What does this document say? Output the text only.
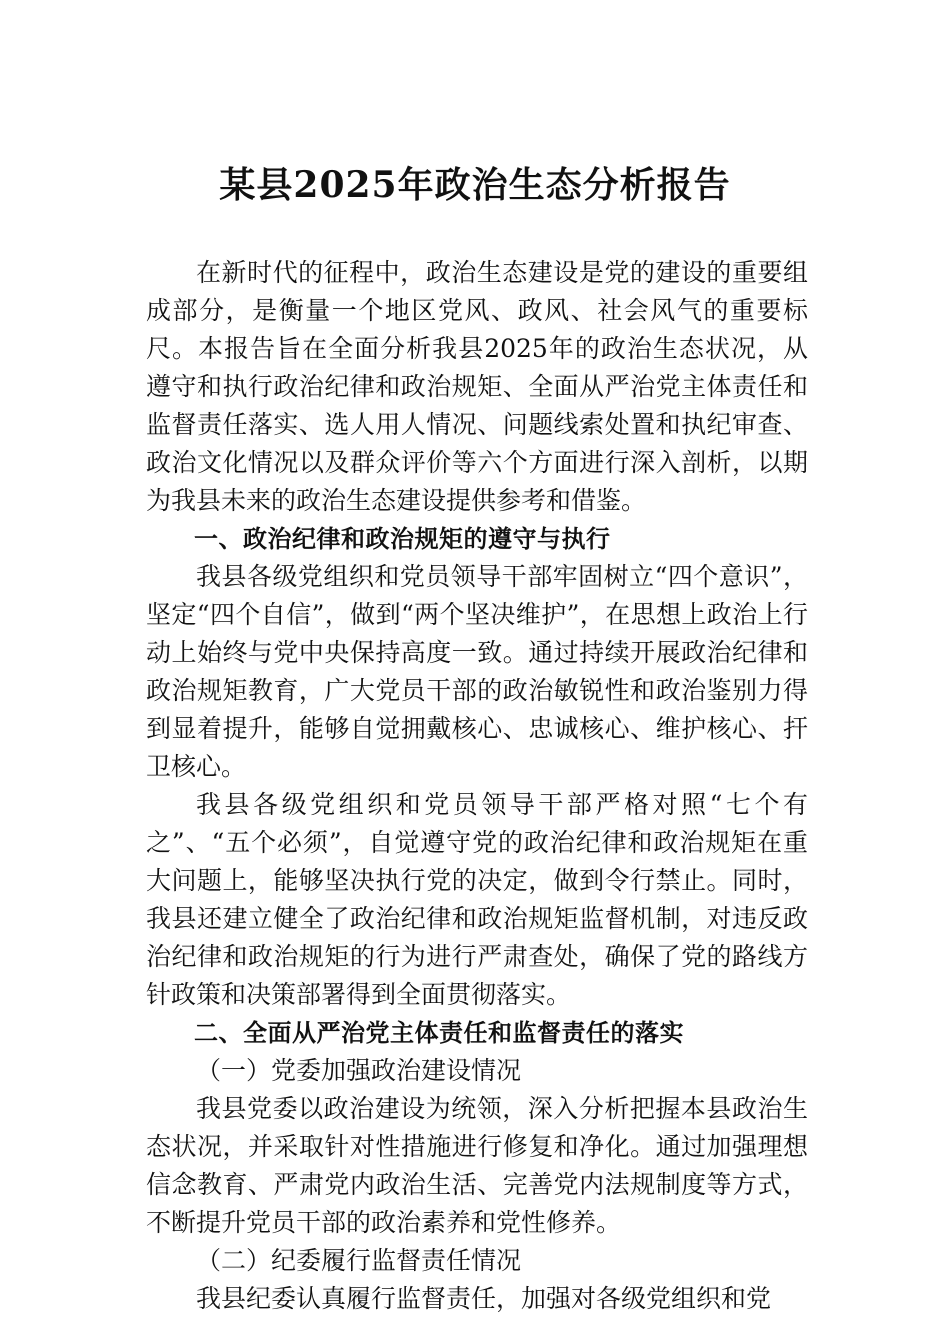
某县2025年政治生态分析报告

在新时代的征程中，政治生态建设是党的建设的重要组成部分，是衡量一个地区党风、政风、社会风气的重要标尺。本报告旨在全面分析我县2025年的政治生态状况，从遵守和执行政治纪律和政治规矩、全面从严治党主体责任和监督责任落实、选人用人情况、问题线索处置和执纪审查、政治文化情况以及群众评价等六个方面进行深入剖析，以期为我县未来的政治生态建设提供参考和借鉴。

一、政治纪律和政治规矩的遵守与执行

我县各级党组织和党员领导干部牢固树立“四个意识”，坚定“四个自信”，做到“两个坚决维护”，在思想上政治上行动上始终与党中央保持高度一致。通过持续开展政治纪律和政治规矩教育，广大党员干部的政治敏锐性和政治鉴别力得到显着提升，能够自觉拥戴核心、忠诚核心、维护核心、扞卫核心。

我县各级党组织和党员领导干部严格对照“七个有之”、“五个必须”，自觉遵守党的政治纪律和政治规矩在重大问题上，能够坚决执行党的决定，做到令行禁止。同时，我县还建立健全了政治纪律和政治规矩监督机制，对违反政治纪律和政治规矩的行为进行严肃查处，确保了党的路线方针政策和决策部署得到全面贯彻落实。

二、全面从严治党主体责任和监督责任的落实

（一）党委加强政治建设情况

我县党委以政治建设为统领，深入分析把握本县政治生态状况，并采取针对性措施进行修复和净化。通过加强理想信念教育、严肃党内政治生活、完善党内法规制度等方式，不断提升党员干部的政治素养和党性修养。

（二）纪委履行监督责任情况

我县纪委认真履行监督责任，加强对各级党组织和党
